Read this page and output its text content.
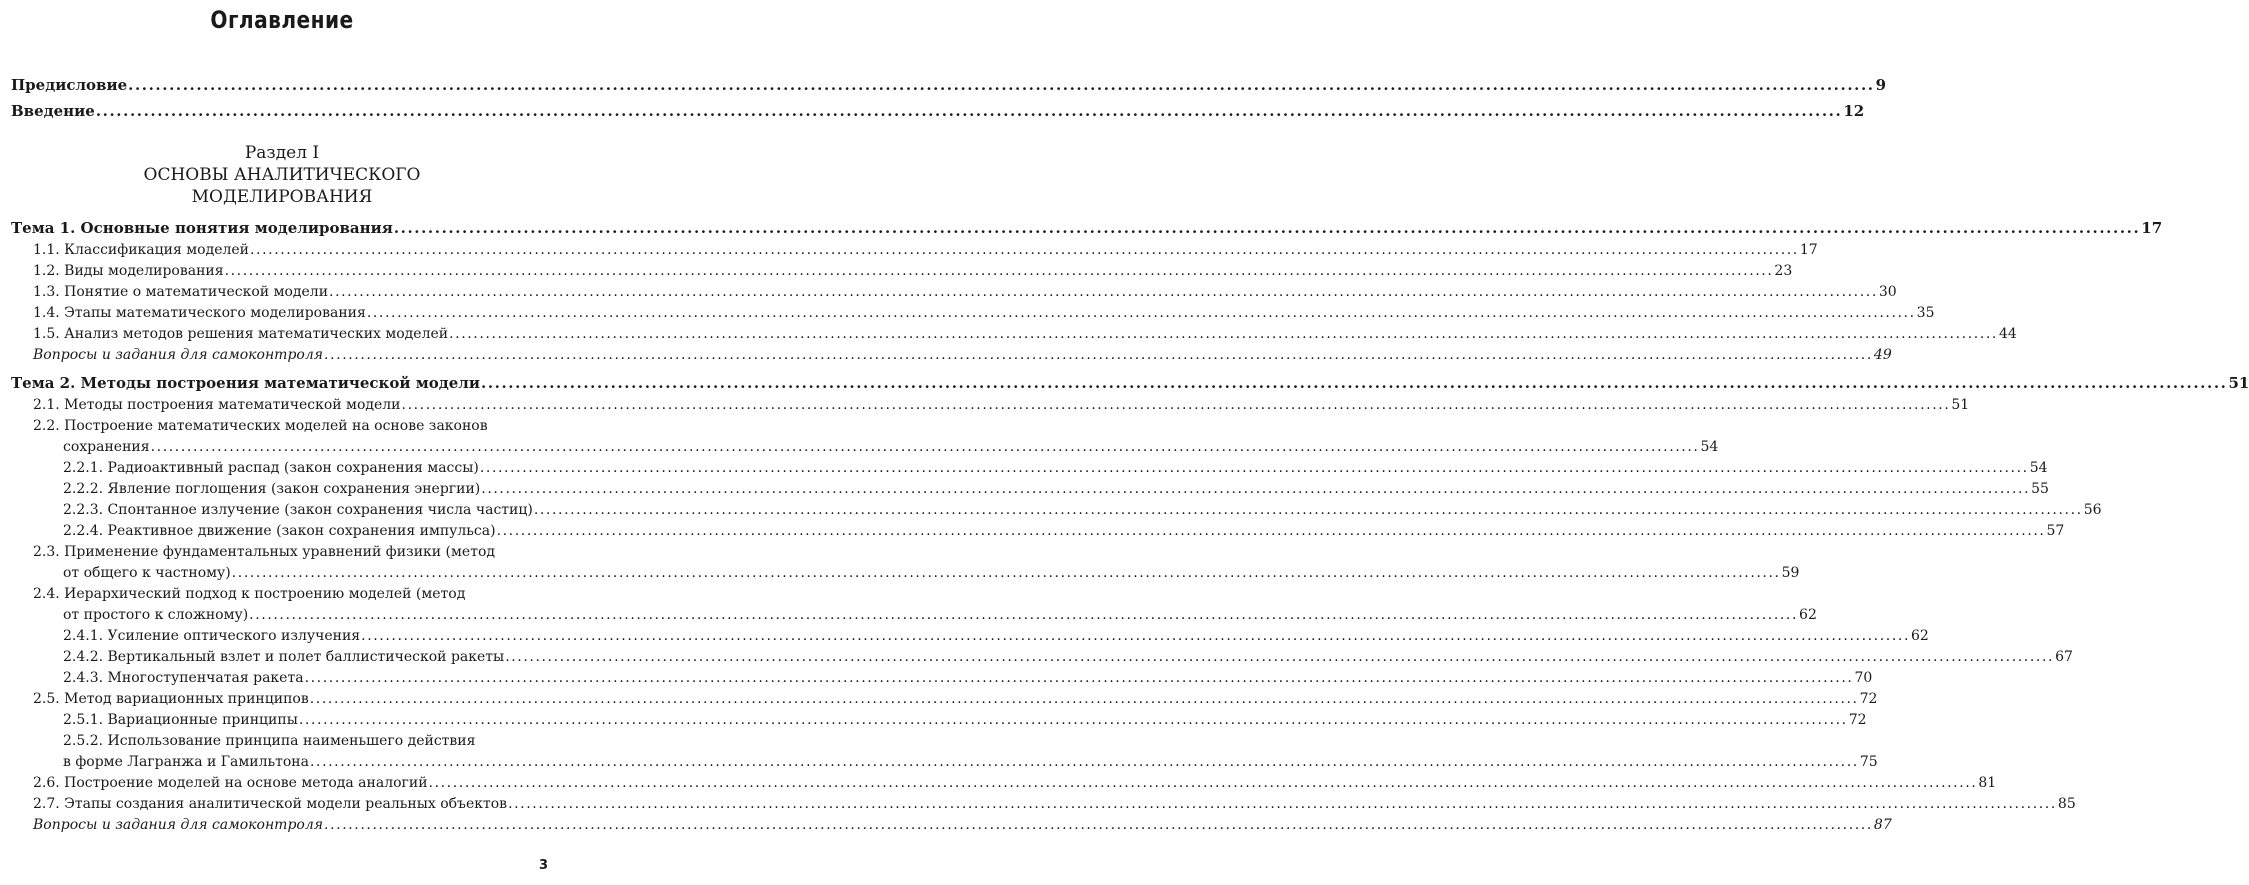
Оглавление
Предисловие .....	9
Введение .....	12
Раздел I
ОСНОВЫ АНАЛИТИЧЕСКОГО
МОДЕЛИРОВАНИЯ
Тема 1. Основные понятия моделирования .....	17
1.1. Классификация моделей .....	17
1.2. Виды моделирования .....	23
1.3. Понятие о математической модели .....	30
1.4. Этапы математического моделирования .....	35
1.5. Анализ методов решения математических моделей .....	44
Вопросы и задания для самоконтроля .....	49
Тема 2. Методы построения математической модели .....	51
2.1. Методы построения математической модели .....	51
2.2. Построение математических моделей на основе законов
сохранения .....	54
2.2.1. Радиоактивный распад (закон сохранения массы) .....	54
2.2.2. Явление поглощения (закон сохранения энергии) .....	55
2.2.3. Спонтанное излучение (закон сохранения числа частиц) .....	56
2.2.4. Реактивное движение (закон сохранения импульса) .....	57
2.3. Применение фундаментальных уравнений физики (метод
от общего к частному) .....	59
2.4. Иерархический подход к построению моделей (метод
от простого к сложному) .....	62
2.4.1. Усиление оптического излучения .....	62
2.4.2. Вертикальный взлет и полет баллистической ракеты .....	67
2.4.3. Многоступенчатая ракета .....	70
2.5. Метод вариационных принципов .....	72
2.5.1. Вариационные принципы .....	72
2.5.2. Использование принципа наименьшего действия
в форме Лагранжа и Гамильтона .....	75
2.6. Построение моделей на основе метода аналогий .....	81
2.7. Этапы создания аналитической модели реальных объектов .....	85
Вопросы и задания для самоконтроля .....	87
3
